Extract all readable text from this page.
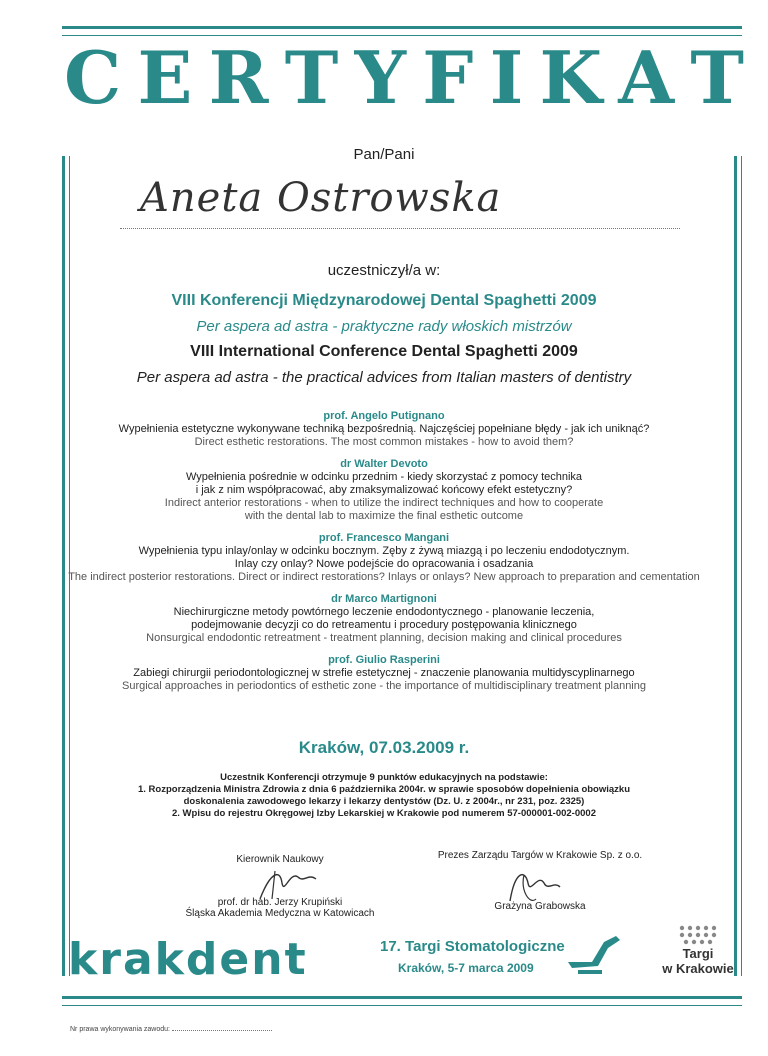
C E R T Y F I K A T
Pan/Pani
Aneta Ostrowska
uczestniczył/a w:
VIII Konferencji Międzynarodowej Dental Spaghetti 2009
Per aspera ad astra - praktyczne rady włoskich mistrzów
VIII International Conference Dental Spaghetti 2009
Per aspera ad astra - the practical advices from Italian masters of dentistry
prof. Angelo Putignano
Wypełnienia estetyczne wykonywane techniką bezpośrednią. Najczęściej popełniane błędy - jak ich uniknąć?
Direct esthetic restorations. The most common mistakes - how to avoid them?
dr Walter Devoto
Wypełnienia pośrednie w odcinku przednim - kiedy skorzystać z pomocy technika
i jak z nim współpracować, aby zmaksymalizować końcowy efekt estetyczny?
Indirect anterior restorations - when to utilize the indirect techniques and how to cooperate
with the dental lab to maximize the final esthetic outcome
prof. Francesco Mangani
Wypełnienia typu inlay/onlay w odcinku bocznym. Zęby z żywą miazgą i po leczeniu endodotycznym.
Inlay czy onlay? Nowe podejście do opracowania i osadzania
The indirect posterior restorations. Direct or indirect restorations? Inlays or onlays? New approach to preparation and cementation
dr Marco Martignoni
Niechirurgiczne metody powtórnego leczenie endodontycznego - planowanie leczenia,
podejmowanie decyzji co do retreamentu i procedury postępowania klinicznego
Nonsurgical endodontic retreatment - treatment planning, decision making and clinical procedures
prof. Giulio Rasperini
Zabiegi chirurgii periodontologicznej w strefie estetycznej - znaczenie planowania multidyscyplinarnego
Surgical approaches in periodontics of esthetic zone - the importance of multidisciplinary treatment planning
Kraków, 07.03.2009 r.
Uczestnik Konferencji otrzymuje 9 punktów edukacyjnych na podstawie:
1. Rozporządzenia Ministra Zdrowia z dnia 6 października 2004r. w sprawie sposobów dopełnienia obowiązku
doskonalenia zawodowego lekarzy i lekarzy dentystów (Dz. U. z 2004r., nr 231, poz. 2325)
2. Wpisu do rejestru Okręgowej Izby Lekarskiej w Krakowie pod numerem 57-000001-002-0002
Kierownik Naukowy
prof. dr hab. Jerzy Krupiński
Śląska Akademia Medyczna w Katowicach
Prezes Zarządu Targów w Krakowie Sp. z o.o.
Grażyna Grabowska
krakdent	17. Targi Stomatologiczne
Kraków, 5-7 marca 2009
Targi
w Krakowie
Nr prawa wykonywania zawodu:
